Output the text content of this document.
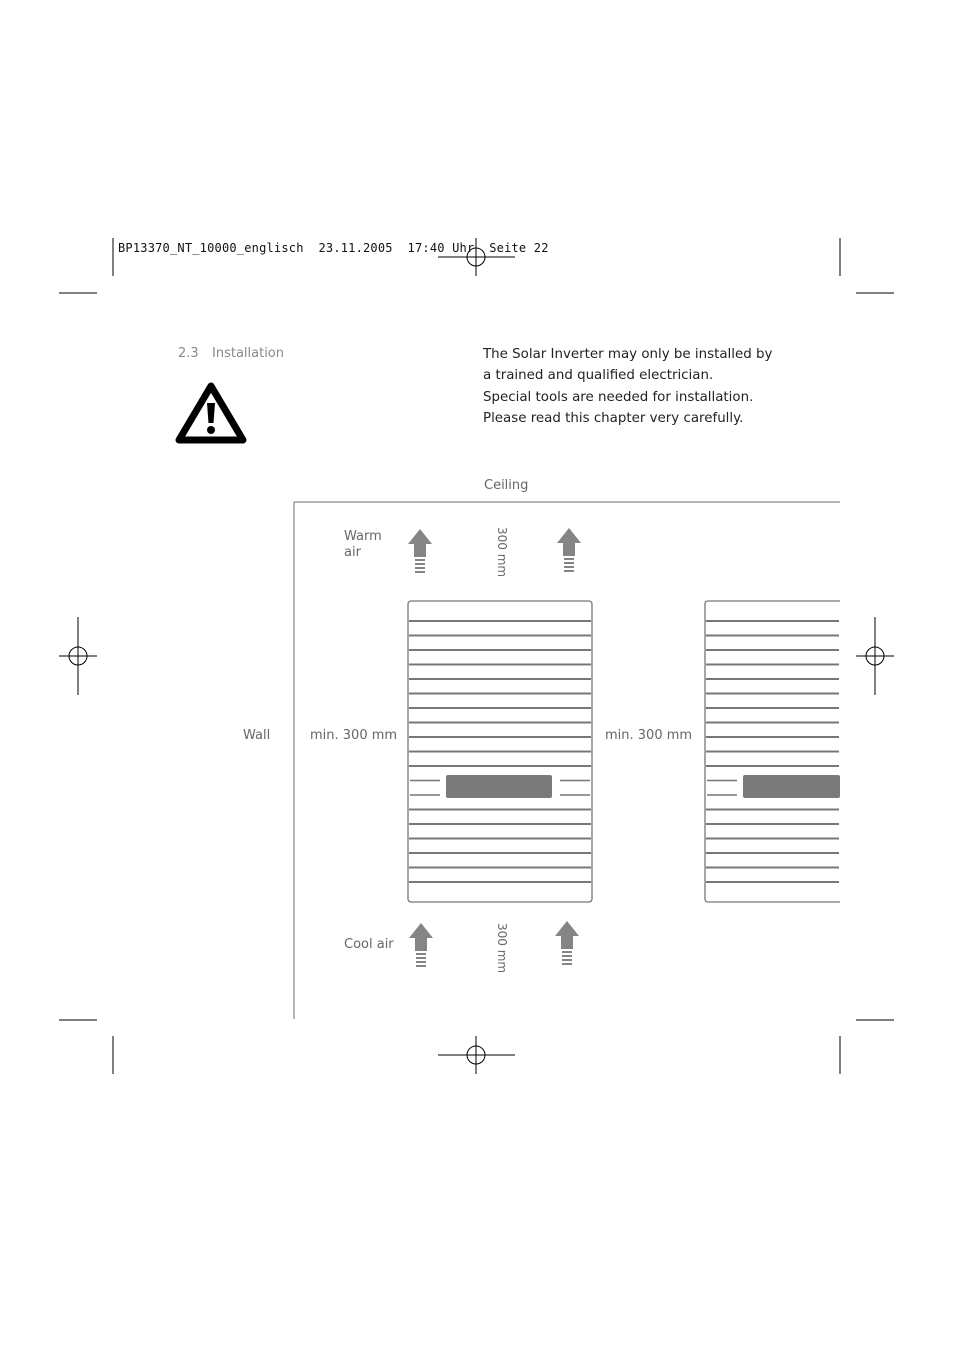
BP13370_NT_10000_englisch  23.11.2005  17:40 Uhr  Seite 22
2.3 Installation	The Solar Inverter may only be installed by
a trained and qualified electrician.
Special tools are needed for installation.
Please read this chapter very carefully.
Ceiling
Wall
Warm
air
Cool air
min. 300 mm	min. 300 mm
300 mm
300 mm
